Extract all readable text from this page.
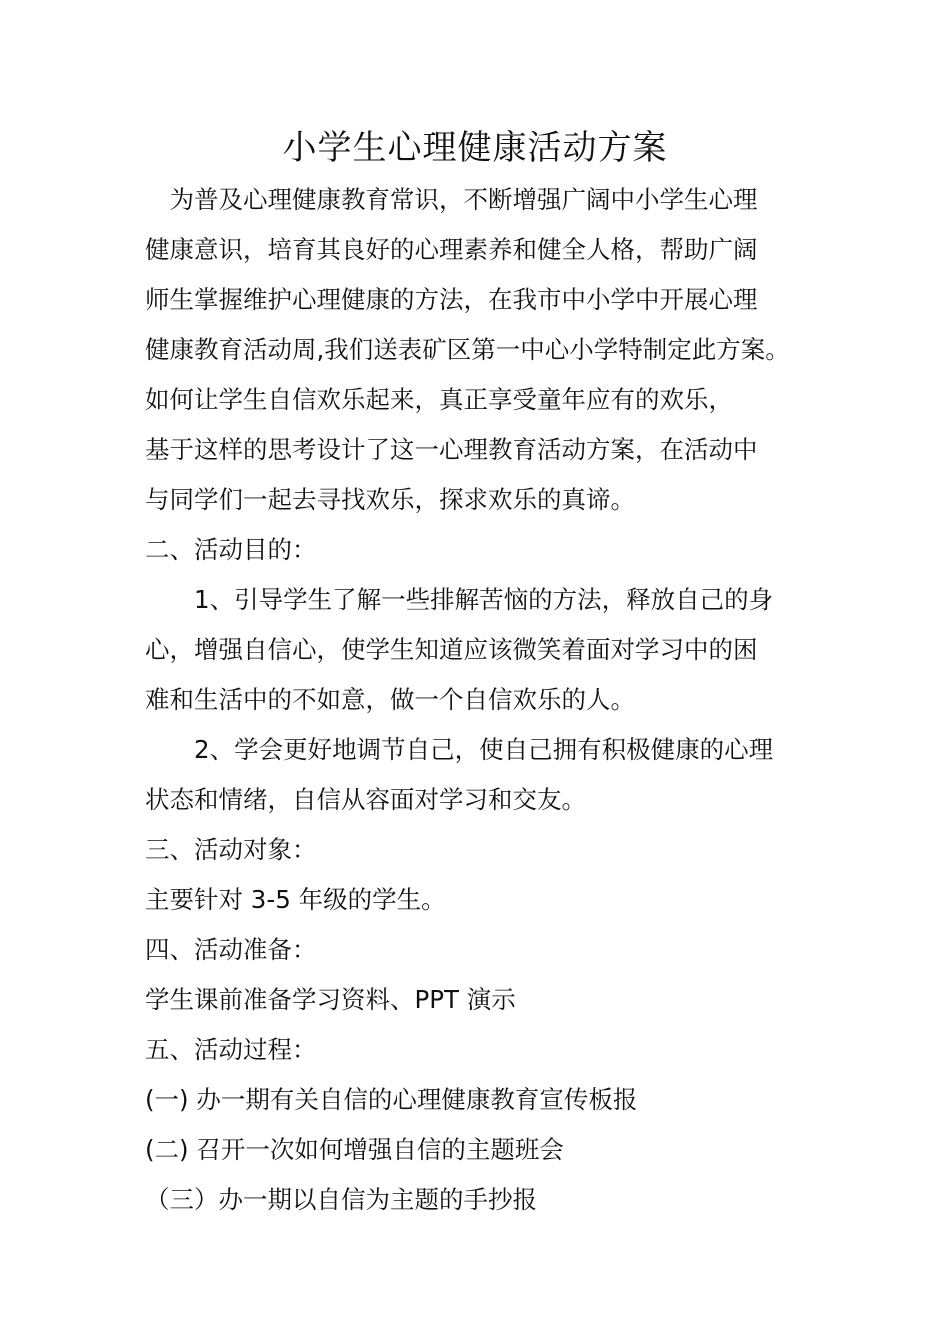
小学生心理健康活动方案
　为普及心理健康教育常识，不断增强广阔中小学生心理
健康意识，培育其良好的心理素养和健全人格，帮助广阔
师生掌握维护心理健康的方法，在我市中小学中开展心理
健康教育活动周,我们送表矿区第一中心小学特制定此方案。
如何让学生自信欢乐起来，真正享受童年应有的欢乐，
基于这样的思考设计了这一心理教育活动方案，在活动中
与同学们一起去寻找欢乐，探求欢乐的真谛。
二、活动目的：
　　1、引导学生了解一些排解苦恼的方法，释放自己的身
心，增强自信心，使学生知道应该微笑着面对学习中的困
难和生活中的不如意，做一个自信欢乐的人。
　　2、学会更好地调节自己，使自己拥有积极健康的心理
状态和情绪，自信从容面对学习和交友。
三、活动对象：
主要针对 3-5 年级的学生。
四、活动准备：
学生课前准备学习资料、PPT 演示
五、活动过程：
(一) 办一期有关自信的心理健康教育宣传板报
(二) 召开一次如何增强自信的主题班会
（三）办一期以自信为主题的手抄报
